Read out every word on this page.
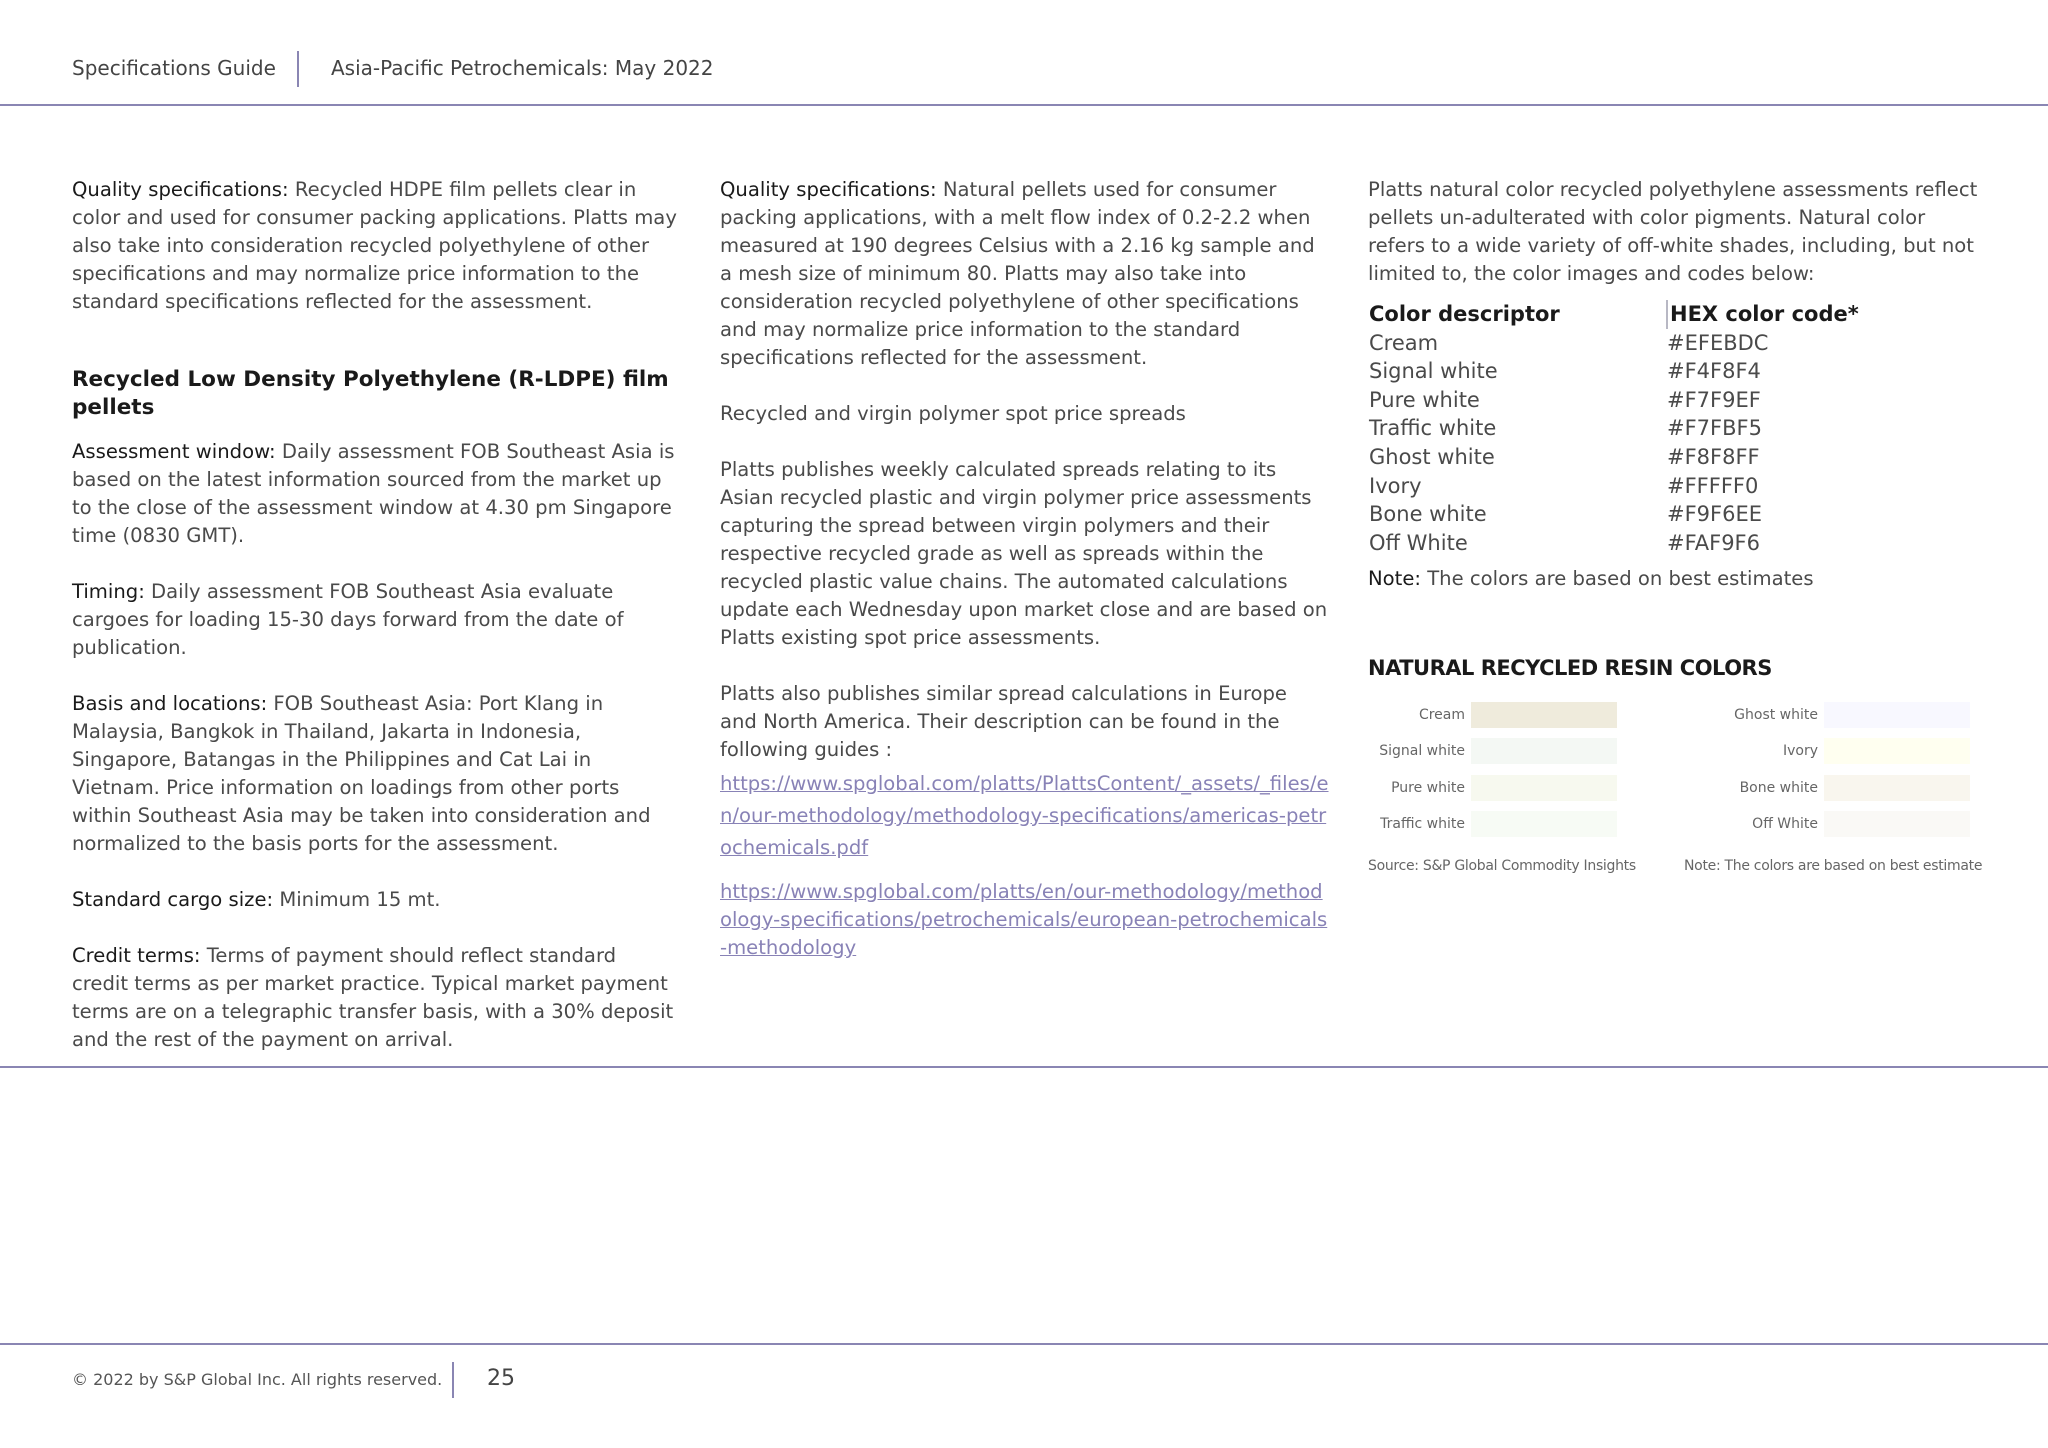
Specifications Guide	Asia-Pacific Petrochemicals: May 2022

Quality specifications: Recycled HDPE film pellets clear in color and used for consumer packing applications. Platts may also take into consideration recycled polyethylene of other specifications and may normalize price information to the standard specifications reflected for the assessment.

Recycled Low Density Polyethylene (R-LDPE) film pellets

Assessment window: Daily assessment FOB Southeast Asia is based on the latest information sourced from the market up to the close of the assessment window at 4.30 pm Singapore time (0830 GMT).

Timing: Daily assessment FOB Southeast Asia evaluate cargoes for loading 15-30 days forward from the date of publication.

Basis and locations: FOB Southeast Asia: Port Klang in Malaysia, Bangkok in Thailand, Jakarta in Indonesia, Singapore, Batangas in the Philippines and Cat Lai in Vietnam. Price information on loadings from other ports within Southeast Asia may be taken into consideration and normalized to the basis ports for the assessment.

Standard cargo size: Minimum 15 mt.

Credit terms: Terms of payment should reflect standard credit terms as per market practice. Typical market payment terms are on a telegraphic transfer basis, with a 30% deposit and the rest of the payment on arrival.

Quality specifications: Natural pellets used for consumer packing applications, with a melt flow index of 0.2-2.2 when measured at 190 degrees Celsius with a 2.16 kg sample and a mesh size of minimum 80. Platts may also take into consideration recycled polyethylene of other specifications and may normalize price information to the standard specifications reflected for the assessment.

Recycled and virgin polymer spot price spreads

Platts publishes weekly calculated spreads relating to its Asian recycled plastic and virgin polymer price assessments capturing the spread between virgin polymers and their respective recycled grade as well as spreads within the recycled plastic value chains. The automated calculations update each Wednesday upon market close and are based on Platts existing spot price assessments.

Platts also publishes similar spread calculations in Europe and North America. Their description can be found in the following guides :

https://www.spglobal.com/platts/PlattsContent/_assets/_files/en/our-methodology/methodology-specifications/americas-petrochemicals.pdf

https://www.spglobal.com/platts/en/our-methodology/methodology-specifications/petrochemicals/european-petrochemicals-methodology

Platts natural color recycled polyethylene assessments reflect pellets un-adulterated with color pigments. Natural color refers to a wide variety of off-white shades, including, but not limited to, the color images and codes below:

Color descriptor	HEX color code*
Cream	#EFEBDC
Signal white	#F4F8F4
Pure white	#F7F9EF
Traffic white	#F7FBF5
Ghost white	#F8F8FF
Ivory	#FFFFF0
Bone white	#F9F6EE
Off White	#FAF9F6

Note: The colors are based on best estimates

NATURAL RECYCLED RESIN COLORS
Cream
Signal white
Pure white
Traffic white
Ghost white
Ivory
Bone white
Off White
Source: S&P Global Commodity Insights	Note: The colors are based on best estimate
© 2022 by S&P Global Inc. All rights reserved. 25
